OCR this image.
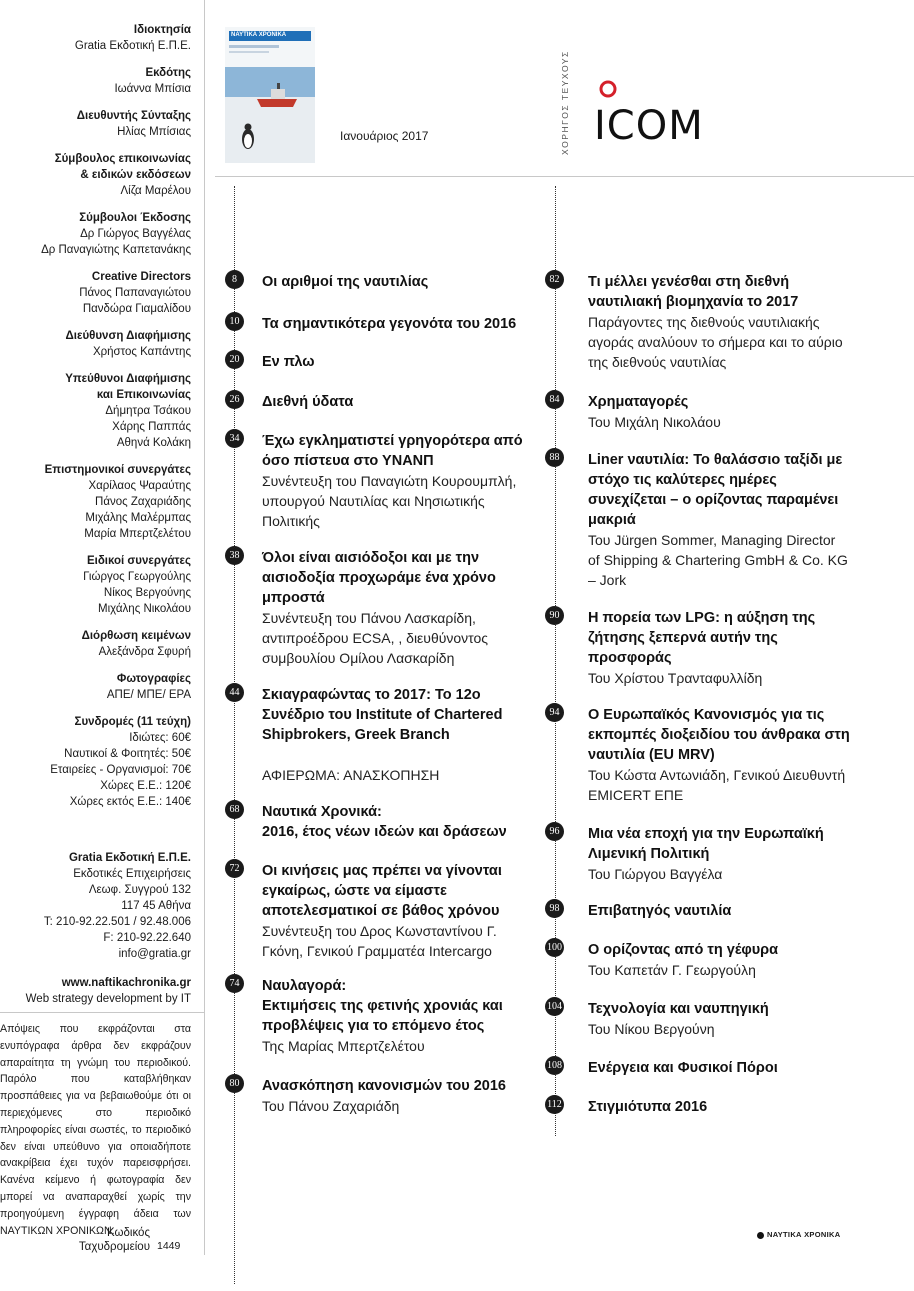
Ιδιοκτησία
Gratia Εκδοτική Ε.Π.Ε.
Εκδότης
Ιωάννα Μπίσια
Διευθυντής Σύνταξης
Ηλίας Μπίσιας
Σύμβουλος επικοινωνίας
& ειδικών εκδόσεων
Λίζα Μαρέλου
Σύμβουλοι Έκδοσης
Δρ Γιώργος Βαγγέλας
Δρ Παναγιώτης Καπετανάκης
Creative Directors
Πάνος Παπαναγιώτου
Πανδώρα Γιαμαλίδου
Διεύθυνση Διαφήμισης
Χρήστος Καπάντης
Υπεύθυνοι Διαφήμισης
και Επικοινωνίας
Δήμητρα Τσάκου
Χάρης Παππάς
Αθηνά Κολάκη
Επιστημονικοί συνεργάτες
Χαρίλαος Ψαραύτης
Πάνος Ζαχαριάδης
Μιχάλης Μαλέρμπας
Μαρία Μπερτζελέτου
Ειδικοί συνεργάτες
Γιώργος Γεωργούλης
Νίκος Βεργούνης
Μιχάλης Νικολάου
Διόρθωση κειμένων
Αλεξάνδρα Σφυρή
Φωτογραφίες
ΑΠΕ/ ΜΠΕ/ ΕΡΑ
Συνδρομές (11 τεύχη)
Ιδιώτες: 60€
Ναυτικοί & Φοιτητές: 50€
Εταιρείες - Οργανισμοί: 70€
Χώρες Ε.Ε.: 120€
Χώρες εκτός Ε.Ε.: 140€
Gratia Εκδοτική Ε.Π.Ε.
Εκδοτικές Επιχειρήσεις
Λεωφ. Συγγρού 132
117 45 Αθήνα
T: 210-92.22.501 / 92.48.006
F: 210-92.22.640
info@gratia.gr
www.naftikachronika.gr
Web strategy development by IT
Απόψεις που εκφράζονται στα ενυπόγραφα άρθρα δεν εκφράζουν απαραίτητα τη γνώμη του περιοδικού. Παρόλο που καταβλήθηκαν προσπάθειες για να βεβαιωθούμε ότι οι περιεχόμενες στο περιοδικό πληροφορίες είναι σωστές, το περιοδικό δεν είναι υπεύθυνο για οποιαδήποτε ανακρίβεια έχει τυχόν παρεισφρήσει. Κανένα κείμενο ή φωτογραφία δεν μπορεί να αναπαραχθεί χωρίς την προηγούμενη έγγραφη άδεια των ΝΑΥΤΙΚΩΝ ΧΡΟΝΙΚΩΝ.
Κωδικός
Ταχυδρομείου 1449
ΝΑΥΤΙΚΑ ΧΡΟΝΙΚΑ
Ιανουάριος 2017	ΧΟΡΗΓΟΣ ΤΕΥΧΟΥΣ ICOM
8	Οι αριθμοί της ναυτιλίας
10	Τα σημαντικότερα γεγονότα του 2016
20	Εν πλω
26	Διεθνή ύδατα
34	Έχω εγκληματιστεί γρηγορότερα από όσο πίστευα στο ΥΝΑΝΠ
Συνέντευξη του Παναγιώτη Κουρουμπλή, υπουργού Ναυτιλίας και Νησιωτικής Πολιτικής
38	Όλοι είναι αισιόδοξοι και με την αισιοδοξία προχωράμε ένα χρόνο μπροστά
Συνέντευξη του Πάνου Λασκαρίδη, αντιπροέδρου ECSA, , διευθύνοντος συμβουλίου Ομίλου Λασκαρίδη
44	Σκιαγραφώντας το 2017: Το 12ο Συνέδριο του Institute of Chartered Shipbrokers, Greek Branch
ΑΦΙΕΡΩΜΑ: ΑΝΑΣΚΟΠΗΣΗ
68	Ναυτικά Χρονικά:
2016, έτος νέων ιδεών και δράσεων
72	Οι κινήσεις μας πρέπει να γίνονται εγκαίρως, ώστε να είμαστε αποτελεσματικοί σε βάθος χρόνου
Συνέντευξη του Δρος Κωνσταντίνου Γ. Γκόνη, Γενικού Γραμματέα Intercargo
74	Ναυλαγορά:
Εκτιμήσεις της φετινής χρονιάς και προβλέψεις για το επόμενο έτος
Της Μαρίας Μπερτζελέτου
80	Ανασκόπηση κανονισμών του 2016
Του Πάνου Ζαχαριάδη
82	Τι μέλλει γενέσθαι στη διεθνή ναυτιλιακή βιομηχανία το 2017
Παράγοντες της διεθνούς ναυτιλιακής αγοράς αναλύουν το σήμερα και το αύριο της διεθνούς ναυτιλίας
84	Χρηματαγορές
Του Μιχάλη Νικολάου
88	Liner ναυτιλία: Το θαλάσσιο ταξίδι με στόχο τις καλύτερες ημέρες συνεχίζεται – ο ορίζοντας παραμένει μακριά
Του Jürgen Sommer, Managing Director of Shipping & Chartering GmbH & Co. KG – Jork
90	Η πορεία των LPG: η αύξηση της ζήτησης ξεπερνά αυτήν της προσφοράς
Του Χρίστου Τρανταφυλλίδη
94	Ο Ευρωπαϊκός Κανονισμός για τις εκπομπές διοξειδίου του άνθρακα στη ναυτιλία (EU MRV)
Του Κώστα Αντωνιάδη, Γενικού Διευθυντή EMICERT ΕΠΕ
96	Μια νέα εποχή για την Ευρωπαϊκή Λιμενική Πολιτική
Του Γιώργου Βαγγέλα
98	Επιβατηγός ναυτιλία
100 Ο ορίζοντας από τη γέφυρα
Του Καπετάν Γ. Γεωργούλη
104 Τεχνολογία και ναυπηγική
Του Νίκου Βεργούνη
108 Ενέργεια και Φυσικοί Πόροι
112 Στιγμιότυπα 2016
ΝΑΥΤΙΚΑ ΧΡΟΝΙΚΑ
